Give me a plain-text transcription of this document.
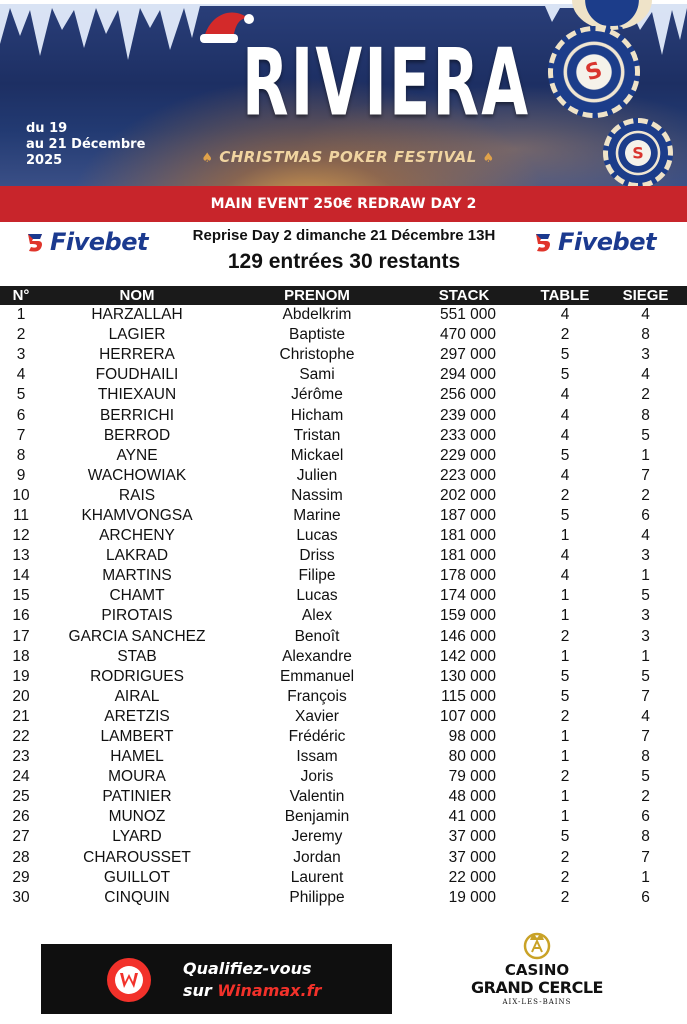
S
S
du 19
au 21 Décembre
2025
RIVIERA
♠ CHRISTMAS POKER FESTIVAL ♠
MAIN EVENT 250€ REDRAW DAY 2
Fivebet	Reprise Day 2 dimanche 21 Décembre 13H
129 entrées 30 restants
Fivebet
N°	NOM	PRENOM	STACK	TABLE	SIEGE
1	HARZALLAH	Abdelkrim	551 000	4	4
2	LAGIER	Baptiste	470 000	2	8
3	HERRERA	Christophe	297 000	5	3
4	FOUDHAILI	Sami	294 000	5	4
5	THIEXAUN	Jérôme	256 000	4	2
6	BERRICHI	Hicham	239 000	4	8
7	BERROD	Tristan	233 000	4	5
8	AYNE	Mickael	229 000	5	1
9	WACHOWIAK	Julien	223 000	4	7
10	RAIS	Nassim	202 000	2	2
11	KHAMVONGSA	Marine	187 000	5	6
12	ARCHENY	Lucas	181 000	1	4
13	LAKRAD	Driss	181 000	4	3
14	MARTINS	Filipe	178 000	4	1
15	CHAMT	Lucas	174 000	1	5
16	PIROTAIS	Alex	159 000	1	3
17	GARCIA SANCHEZ	Benoît	146 000	2	3
18	STAB	Alexandre	142 000	1	1
19	RODRIGUES	Emmanuel	130 000	5	5
20	AIRAL	François	115 000	5	7
21	ARETZIS	Xavier	107 000	2	4
22	LAMBERT	Frédéric	98 000	1	7
23	HAMEL	Issam	80 000	1	8
24	MOURA	Joris	79 000	2	5
25	PATINIER	Valentin	48 000	1	2
26	MUNOZ	Benjamin	41 000	1	6
27	LYARD	Jeremy	37 000	5	8
28	CHAROUSSET	Jordan	37 000	2	7
29	GUILLOT	Laurent	22 000	2	1
30	CINQUIN	Philippe	19 000	2	6
Qualifiez-vous
sur Winamax.fr
CASINO
GRAND CERCLE
AIX-LES-BAINS
